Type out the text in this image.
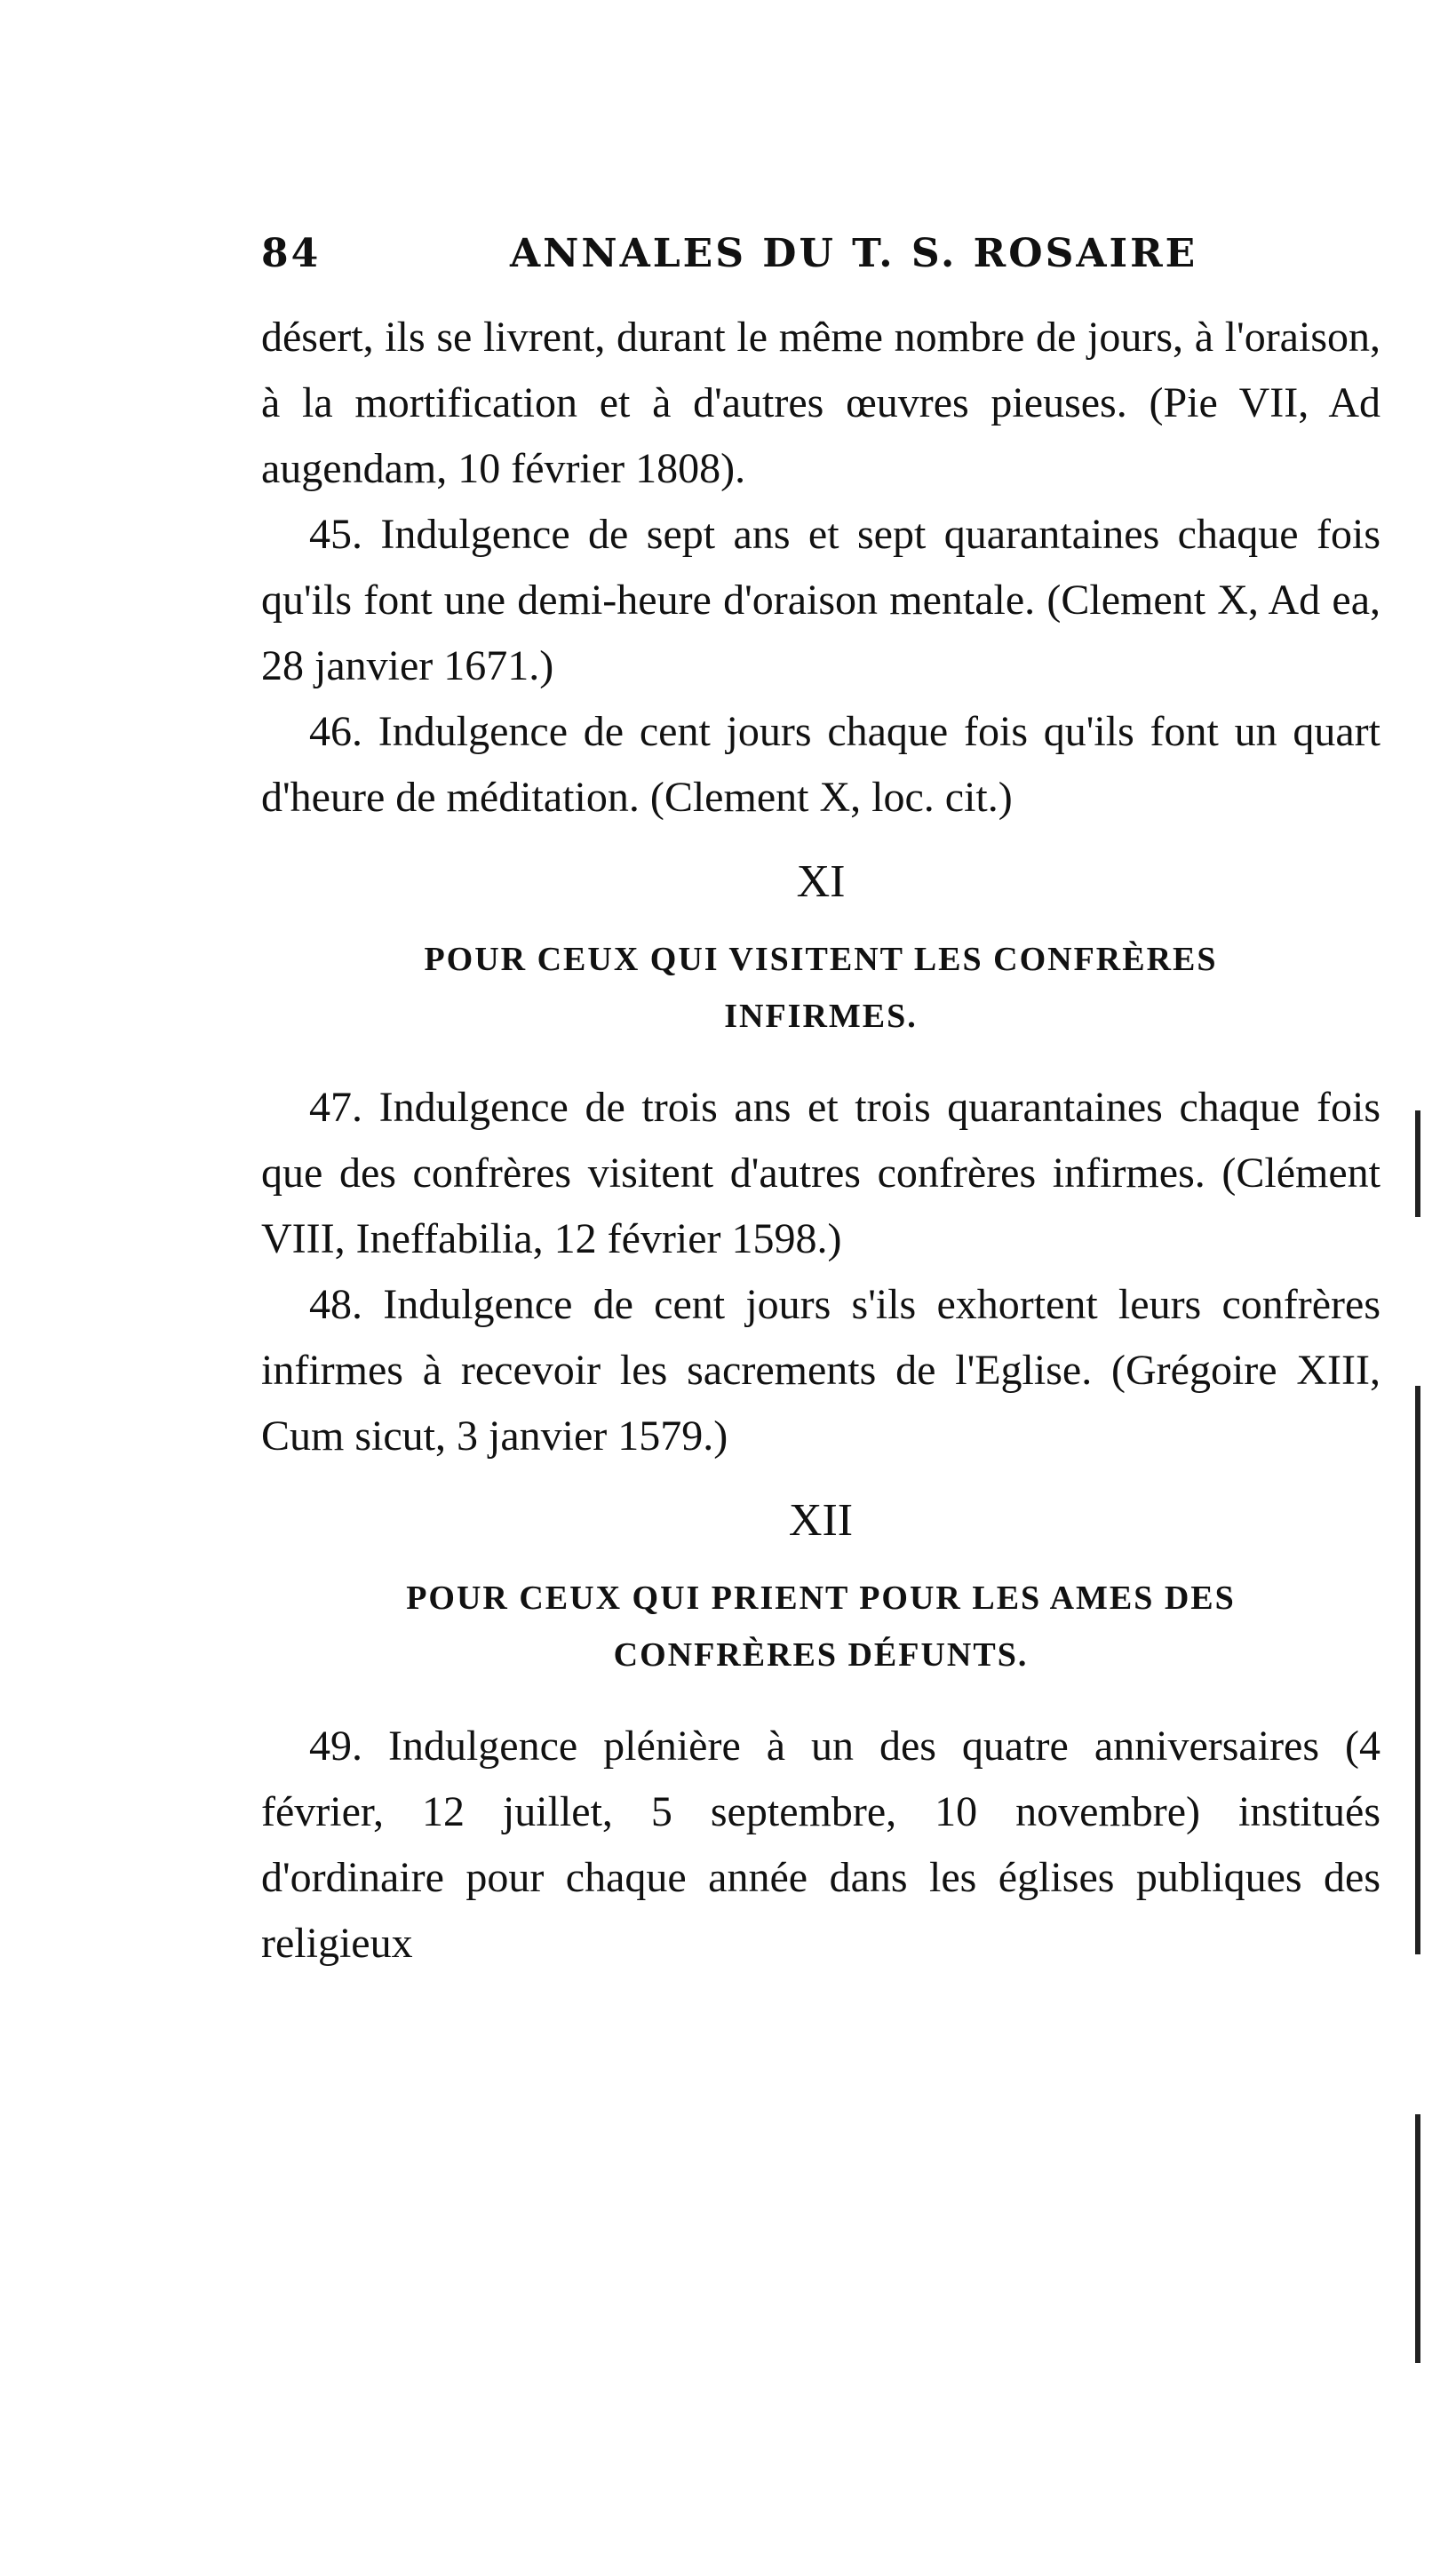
84	ANNALES DU T. S. ROSAIRE

désert, ils se livrent, durant le même nombre de jours, à l'oraison, à la mortification et à d'autres œuvres pieuses. (Pie VII, Ad augendam, 10 février 1808).

45. Indulgence de sept ans et sept quarantaines chaque fois qu'ils font une demi-heure d'oraison mentale. (Clement X, Ad ea, 28 janvier 1671.)

46. Indulgence de cent jours chaque fois qu'ils font un quart d'heure de méditation. (Clement X, loc. cit.)

XI
POUR CEUX QUI VISITENT LES CONFRÈRES
INFIRMES.

47. Indulgence de trois ans et trois quarantaines chaque fois que des confrères visitent d'autres confrères infirmes. (Clément VIII, Ineffabilia, 12 février 1598.)

48. Indulgence de cent jours s'ils exhortent leurs confrères infirmes à recevoir les sacrements de l'Eglise. (Grégoire XIII, Cum sicut, 3 janvier 1579.)

XII
POUR CEUX QUI PRIENT POUR LES AMES DES
CONFRÈRES DÉFUNTS.

49. Indulgence plénière à un des quatre anniversaires (4 février, 12 juillet, 5 septembre, 10 novembre) institués d'ordinaire pour chaque année dans les églises publiques des religieux
